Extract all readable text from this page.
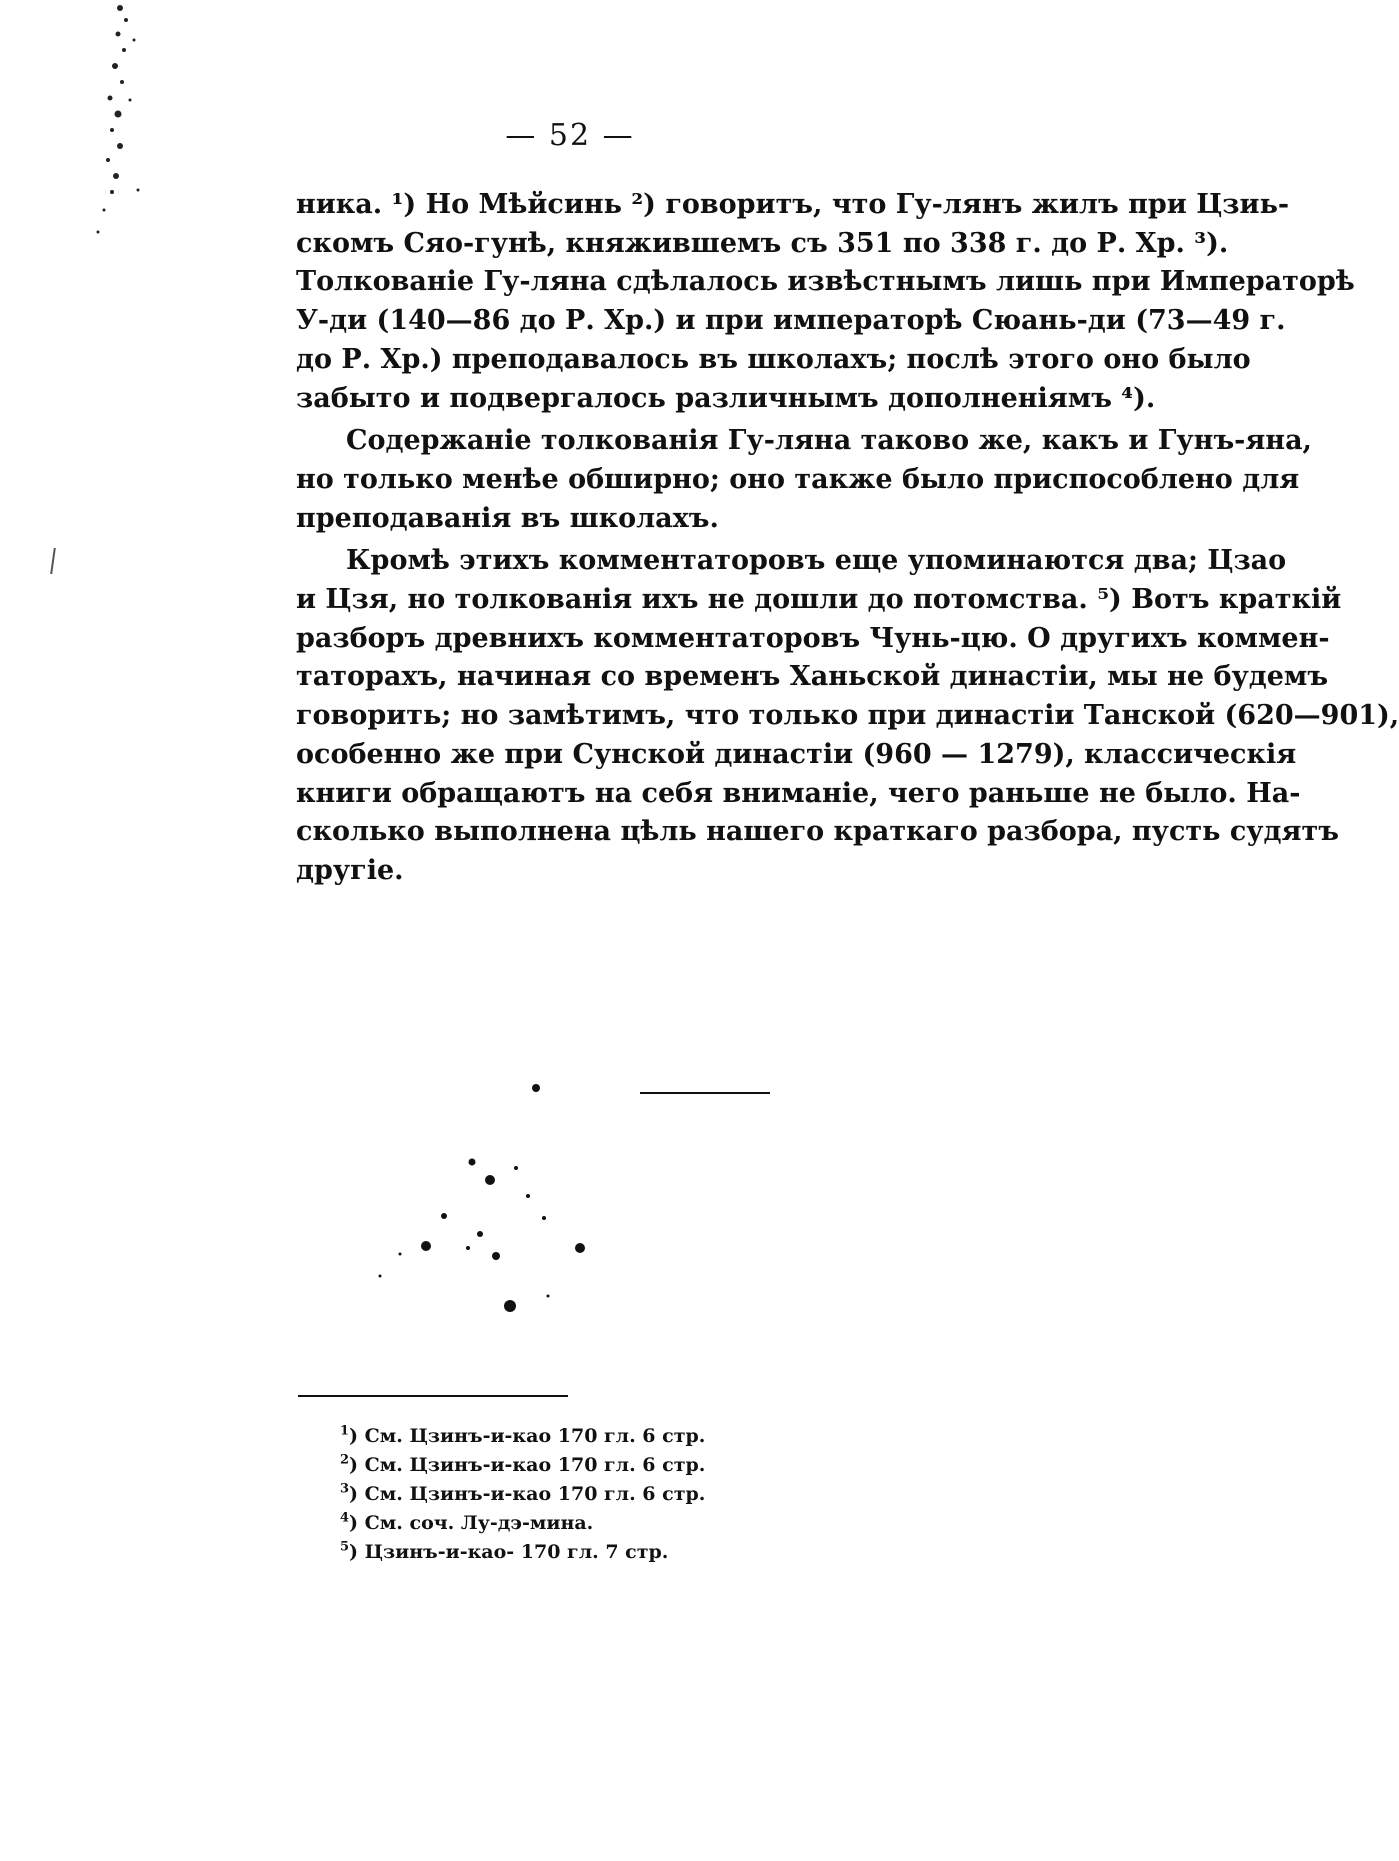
— 52 —
ника. ¹) Но Мѣйсинь ²) говоритъ, что Гу-лянъ жилъ при Цзиь-
скомъ Сяо-гунѣ, княжившемъ съ 351 по 338 г. до Р. Хр. ³).
Толкованіе Гу-ляна сдѣлалось извѣстнымъ лишь при Императорѣ
У-ди (140—86 до Р. Хр.) и при императорѣ Сюань-ди (73—49 г.
до Р. Хр.) преподавалось въ школахъ; послѣ этого оно было
забыто и подвергалось различнымъ дополненіямъ ⁴).
Содержаніе толкованія Гу-ляна таково же, какъ и Гунъ-яна,
но только менѣе обширно; оно также было приспособлено для
преподаванія въ школахъ.
Кромѣ этихъ комментаторовъ еще упоминаются два; Цзао
и Цзя, но толкованія ихъ не дошли до потомства. ⁵) Вотъ краткій
разборъ древнихъ комментаторовъ Чунь-цю. О другихъ коммен-
таторахъ, начиная со временъ Ханьской династіи, мы не будемъ
говорить; но замѣтимъ, что только при династіи Танской (620—901),
особенно же при Сунской династіи (960 — 1279), классическія
книги обращаютъ на себя вниманіе, чего раньше не было. На-
сколько выполнена цѣль нашего краткаго разбора, пусть судятъ
другіе.
$^1$) См. Цзинъ-и-као 170 гл. 6 стр.
$^2$) См. Цзинъ-и-као 170 гл. 6 стр.
$^3$) См. Цзинъ-и-као 170 гл. 6 стр.
$^4$) См. соч. Лу-дэ-мина.
$^5$) Цзинъ-и-као- 170 гл. 7 стр.
